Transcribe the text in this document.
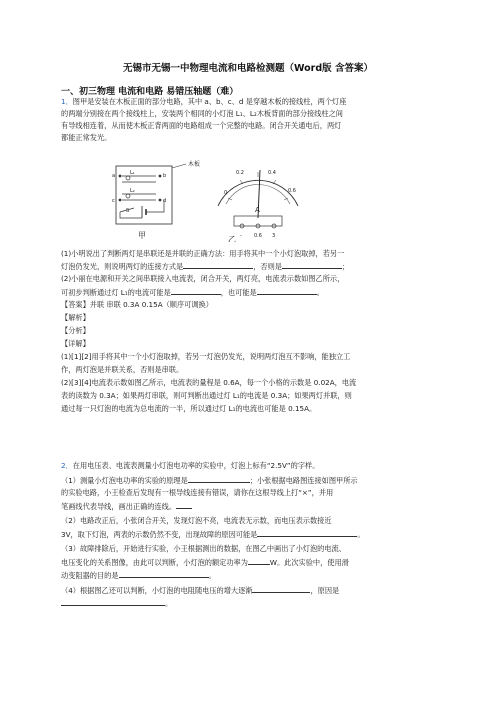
无锡市无锡一中物理电流和电路检测题（Word版 含答案）
一、初三物理 电流和电路 易错压轴题（难）

1．图甲是安装在木板正面的部分电路，其中 a、b、c、d 是穿越木板的接线柱，两个灯座

的两端分别接在两个接线柱上，安装两个相同的小灯泡 L₁、L₂木板背面的部分接线柱之间

有导线相连着，从而使木板正背两面的电路组成一个完整的电路。闭合开关通电后，两灯

都能正常发光。

木板
L₁
L₂
a	b
c	d
S
甲
0
0.2	0.4
0.6
A
- 0.6 3
乙

(1)小明说出了判断两灯是串联还是并联的正确方法：用手将其中一个小灯泡取掉，若另一

灯泡仍发光，则说明两灯的连接方式是	，否则是	；

(2)小丽在电源和开关之间串联接入电流表，闭合开关，两灯亮，电流表示数如图乙所示，

可初步判断通过灯 L₁的电流可能是	，也可能是	。

【答案】并联 串联 0.3A 0.15A（顺序可调换）

【解析】

【分析】

【详解】

(1)[1][2]用手将其中一个小灯泡取掉，若另一灯泡仍发光，说明两灯泡互不影响，能独立工

作，两灯泡是并联关系，否则是串联。

(2)[3][4]电流表示数如图乙所示，电流表的量程是 0.6A，每一个小格的示数是 0.02A，电流

表的读数为 0.3A；如果两灯串联，则可判断出通过灯 L₁的电流是 0.3A；如果两灯并联，则

通过每一只灯泡的电流为总电流的一半，所以通过灯 L₁的电流也可能是 0.15A。

2．在用电压表、电流表测量小灯泡电功率的实验中，灯泡上标有“2.5V”的字样。

（1）测量小灯泡电功率的实验的原理是	；小张根据电路图连接如图甲所示

的实验电路，小王检查后发现有一根导线连接有错误，请你在这根导线上打“×”，并用

笔画线代表导线，画出正确的连线。

（2）电路改正后，小张闭合开关，发现灯泡不亮，电流表无示数，而电压表示数接近

3V，取下灯泡，两表的示数仍然不变，出现故障的原因可能是	。

（3）故障排除后，开始进行实验，小王根据测出的数据，在图乙中画出了小灯泡的电流、

电压变化的关系图像，由此可以判断，小灯泡的额定功率为	W。此次实验中，使用滑

动变阻器的目的是	。

（4）根据图乙还可以判断，小灯泡的电阻随电压的增大逐渐	，原因是

。
